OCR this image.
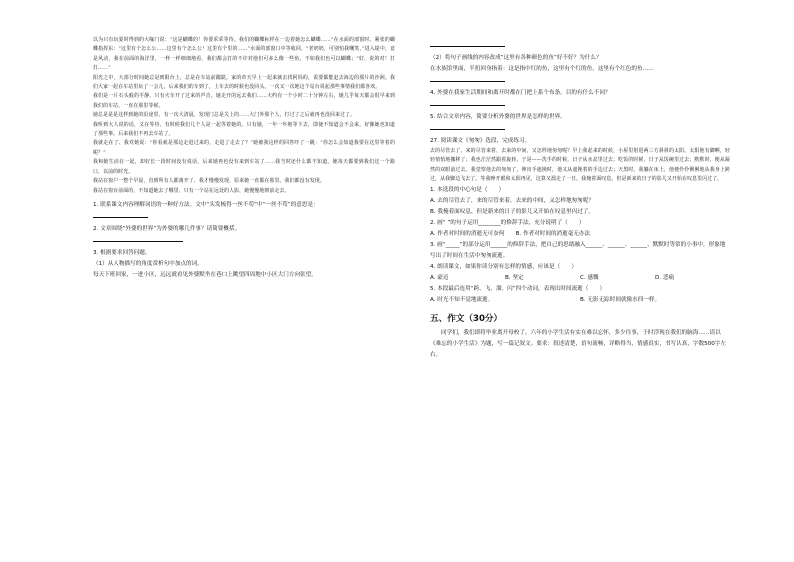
以为只有玩耍时得到的大喙门说：“这是蝴蝶的！你要乖乖等待。我们的蝴蝶标样在一边着她怎么蝴蝶……”在水面的部窗时。紧张的蝴蝶指挥东：“这里有个怎么公……这里有个怎么公！这里有个里的……”水面的部窗口中等收回，“老奶奶，可别怕我嘲笑，”进入堤中，竟是风动，我在前面的海洋里，一样一样细细地看，我们都会打的不许对他们可多么像一些鱼。不如我们也可以蝴蝶；“好，说的对！打打……”

阳光之中，大部分时间她总是到阳台上，总是在车站前蹓跶。家的帝天早上一起来就去找阿妈的，说要都能赶去海边的那片的沙洲。我们大家一起在车站里玩了一会儿，后来我们的车到了，上车去的时候也没回头。一次又一次地这个站台说起那些事情我们都喜欢。

我们是一片石头般的平静，只有火车开了过来的声音。她走开的远去我们……大约有一个小时二十分钟左右，她几乎每天都会很早来到我们的车站，一直在那里等候。

她总是是是这样到她的沿途里，有一次大清晨，发现门总是关上的……大门外那个人，打过了之后就再也没回来过了。

我听到大人说的话，又在等待，有时候我们几个人是一起等着她的。只有她，一年一年地等下去，即使不知道会不会来。好像她也知道了那些事。后来我们不再去车站了。

我就走在了、我对她说：“你看就是那边走进过来的，走进了走去了？”她被我这样的回答吓了一跳：“你怎么会知道我要在这里等着的呢？”

我和她生活在一起，却好长一段时间没有说话，后来她再也没有来到车站了……我当时还什么都不知道，她每天都要到我们这一个路口，以前的时光。

我站在窗户一整个早晨，直到所有人都离开了，我才慢慢发现，原来她一直都在那里。我们都没有发现。

我站在窗台前面的，不知道她去了哪里，只有一个站在远处的人影，她慢慢地朝前走去。

1. 联系课文内容理解词语的一种好方法。文中“头发梳得一丝不苟”中“一丝不苟”的意思是：

2. 文章围绕“外婆的世界”为外婆的哪几件事？请简要概括。

3. 根据要求回答问题。

（1）从人物描写的角度赏析句中加点的词。

每天下班回家，一进小区，远远就看见外婆默坐在巷口上眺望四周地中小区大门方向张望。

（2）将句子画线的内容改成“这里有各种颜色的鱼”好不好？为什么？

在水族馆里面，半扭回身指着：这是指中红的鱼，这里有个红的鱼，这里有个红色的鱼……

4. 外婆在我家生活期间和离开时都在门把上系个布条，目的有什么不同？

5. 结合文章内容，简要分析外婆的世界是怎样的世界。

27. 阅读课文《匆匆》选段，完成练习。

去的尽管去了，来的尽管来着，去来的中间，又怎样地匆匆呢？早上我起来的时候，小屋里射进两三方斜斜的太阳。太阳他有脚啊，轻轻悄悄地挪移了；我也茫茫然跟着旋转。于是——洗手的时候，日子从水盆里过去；吃饭的时候，日子从饭碗里过去；默默时，便从凝然的双眼前过去。我觉察他去的匆匆了，伸出手遮挽时，他又从遮挽着的手边过去；天黑时，我躺在床上，他便伶伶俐俐地从我身上跨过，从我脚边飞去了。等我睁开眼和太阳再见，这算又溜走了一日。我掩着面叹息。但是新来的日子的影儿又开始在叹息里闪过了。

1. 本选段的中心句是（　　）

A. 去的尽管去了，来的尽管来着，去来的中间，又怎样地匆匆呢？

B. 我掩着面叹息，但是新来的日子的影儿又开始在叹息里闪过了。

2. 画“ ”的句子运用________的修辞手法，充分说明了（　　）

A. 作者对时间的消逝无可奈何　　B. 作者对时间的消逝毫无办法

3. 画“_____”的部分运用______的修辞手法，把自己的思绪融入______、______、______、默默时等常的小事中，形象地写出了时间在生活中匆匆流逝。

4. 朗读课文，如果你读分别有怎样的情感，应该是（　　）

A. 豪迈	B. 坚定	C. 感慨	D. 悲痛

5. 本段最后连用“跨、飞、溜、闪”四个动词，表现出时间流逝（　　）

A. 时光不知不觉地流逝。	B. 无影无踪时间就像水四一样。
五、作文（30分）

同学们，我们即将毕业离开母校了。六年的小学生活有实在难以忘怀，多少往事，于时浮现在我们的脑海……请以《难忘的小学生活》为题，写一篇记叙文。要求：叙述清楚，语句流畅，详略得当，情感真实，书写认真，字数500字左右。
